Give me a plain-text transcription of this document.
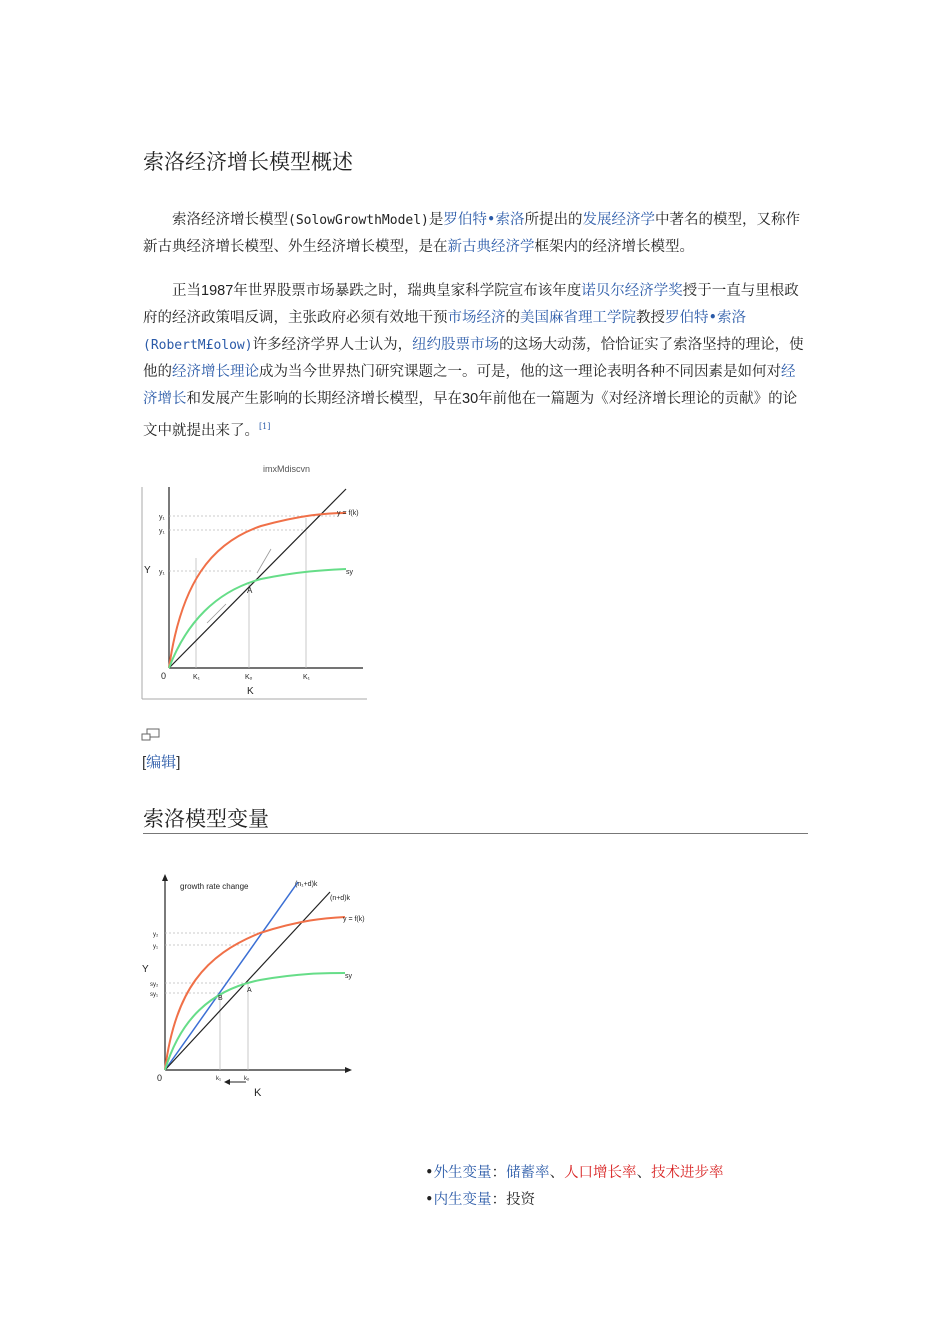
索洛经济增长模型概述

索洛经济增长模型(SolowGrowthModel)是罗伯特•索洛所提出的发展经济学中著名的模型，又称作新古典经济增长模型、外生经济增长模型，是在新古典经济学框架内的经济增长模型。

正当1987年世界股票市场暴跌之时，瑞典皇家科学院宣布该年度诺贝尔经济学奖授于一直与里根政府的经济政策唱反调，主张政府必须有效地干预市场经济的美国麻省理工学院教授罗伯特•索洛(RobertM£olow)许多经济学界人士认为，纽约股票市场的这场大动荡，恰恰证实了索洛坚持的理论，使他的经济增长理论成为当今世界热门研究课题之一。可是，他的这一理论表明各种不同因素是如何对经济增长和发展产生影响的长期经济增长模型，早在30年前他在一篇题为《对经济增长理论的贡献》的论文中就提出来了。[1]

imxMdiscvn
A
y = f(k)
sy
Y
y₁
y₁
y₁
0	K₁	Kₒ	K₁
K
[编辑]
索洛模型变量
growth rate change	(n₁+d)k
(n+d)k
y = f(k)
sy
B
A
Y
y₂
y₁
sy₂
sy₁
0	k₁	kₒ
K
•外生变量：储蓄率、人口增长率、技术进步率
•内生变量：投资
